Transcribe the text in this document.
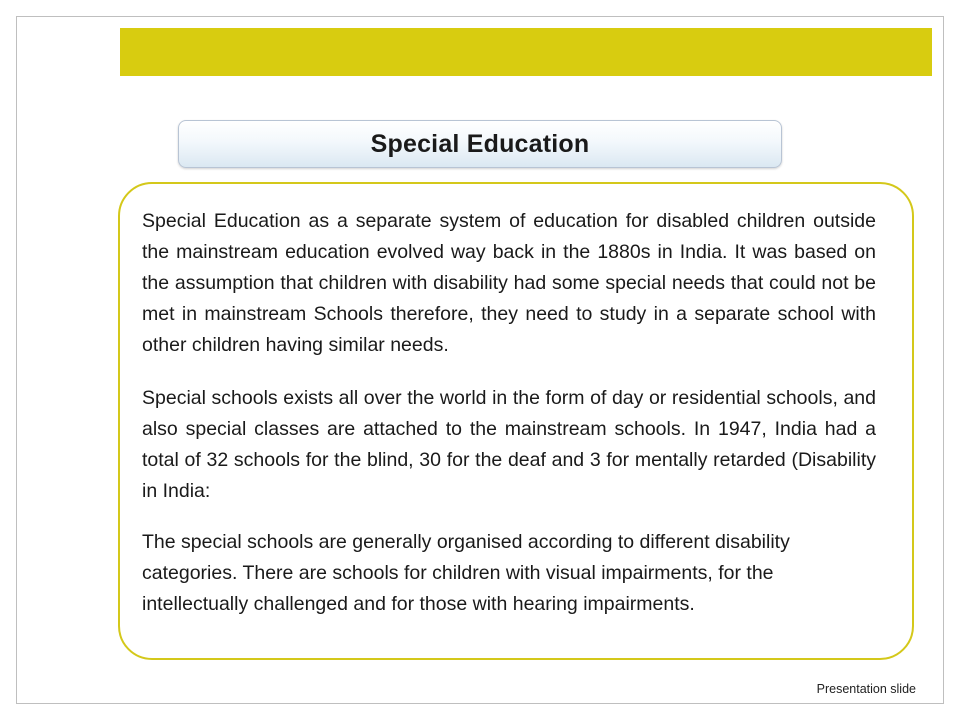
Special Education

Special Education as a separate system of education for disabled children outside the mainstream education evolved way back in the 1880s in India. It was based on the assumption that children with disability had some special needs that could not be met in mainstream Schools therefore, they need to study in a separate school with other children having similar needs.

Special schools exists all over the world in the form of day or residential schools, and also special classes are attached to the mainstream schools. In 1947, India had a total of 32 schools for the blind, 30 for the deaf and 3 for mentally retarded (Disability in India:

The special schools are generally organised according to different disability categories. There are schools for children with visual impairments, for the intellectually challenged and for those with hearing impairments.

Presentation slide
